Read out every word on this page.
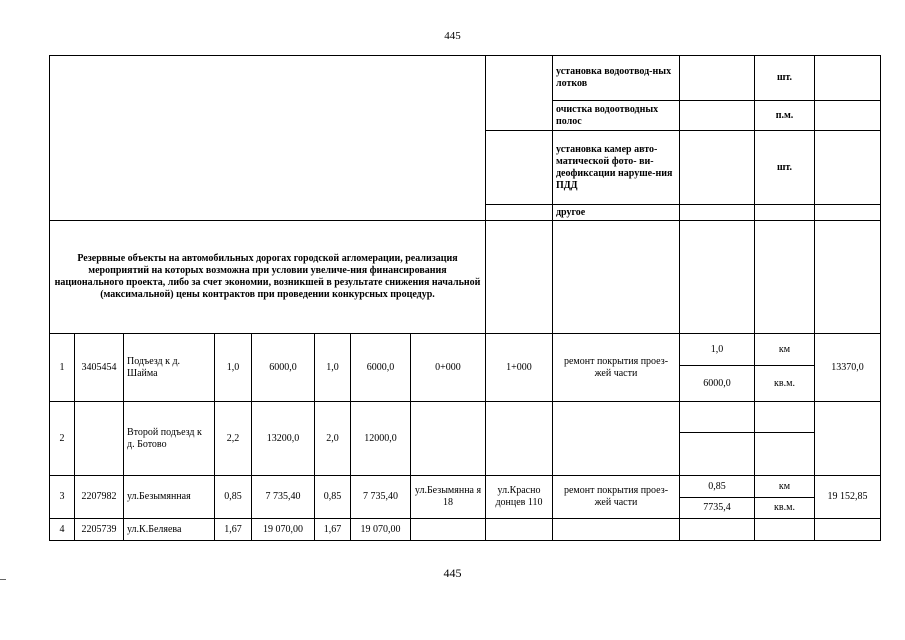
445
									установка водоотвод-ных лотков		шт.	
									очистка водоотводных полос		п.м.	
									установка камер авто-матической фото- ви-деофиксации наруше-ния ПДД		шт.	
									другое			
Резервные объекты на автомобильных дорогах городской агломерации, реализация мероприятий на которых возможна при условии увеличе-ния финансирования национального проекта, либо за счет экономии, возникшей в результате снижения начальной (максимальной) цены контрактов при проведении конкурсных процедур.												
1	3405454	Подъезд к д. Шайма	1,0	6000,0	1,0	6000,0	0+000	1+000	ремонт покрытия проез-жей части	1,0	км	13370,0
										6000,0	кв.м.	
2		Второй подъезд к д. Ботово	2,2	13200,0	2,0	12000,0						

3	2207982	ул.Безымянная	0,85	7 735,40	0,85	7 735,40	ул.Безымянна я 18	ул.Красно донцев 110	ремонт покрытия проез-жей части	0,85	км	19 152,85
										7735,4	кв.м.	
4	2205739	ул.К.Беляева	1,67	19 070,00	1,67	19 070,00						
445
